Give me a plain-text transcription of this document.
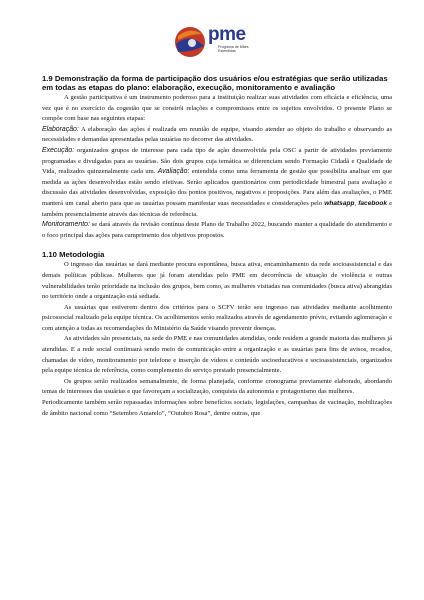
pme
Programa de Mães Estendidas
1.9 Demonstração da forma de participação dos usuários e/ou estratégias que serão utilizadas em todas as etapas do plano: elaboração, execução, monitoramento e avaliação

A gestão participativa é um instrumento poderoso para a instituição realizar suas atividades com eficácia e eficiência, uma vez que é no exercício da cogestão que se constrói relações e compromissos entre os sujeitos envolvidos. O presente Plano se compõe com base nas seguintes etapas:

Elaboração: A elaboração das ações é realizada em reunião de equipe, visando atender ao objeto do trabalho e observando as necessidades e demandas apresentadas pelas usuárias no decorrer das atividades.

Execução: organizados grupos de interesse para cada tipo de ação desenvolvida pela OSC a partir de atividades previamente programadas e divulgadas para as usuárias. São dois grupos cuja temática se diferenciam sendo Formação Cidadã e Qualidade de Vida, realizados quinzenalmente cada um. Avaliação: entendida como uma ferramenta de gestão que possibilita analisar em que medida as ações desenvolvidas estão sendo efetivas. Serão aplicados questionários com periodicidade bimestral para avaliação e discussão das atividades desenvolvidas, exposição dos pontos positivos, negativos e proposições. Para além das avaliações, o PME manterá um canal aberto para que as usuárias possam manifestar suas necessidades e considerações pelo whatsapp, facebook e também presencialmente através das técnicas de referência.

Monitoramento: se dará através da revisão contínua deste Plano de Trabalho 2022, buscando manter a qualidade do atendimento e o foco principal das ações para cumprimento dos objetivos propostos.

1.10 Metodologia

O ingresso das usuárias se dará mediante procura espontânea, busca ativa, encaminhamento da rede socioassistencial e das demais políticas públicas. Mulheres que já foram atendidas pelo PME em decorrência de situação de violência e outras vulnerabilidades terão prioridade na inclusão dos grupos, bem como, as mulheres visitadas nas comunidades (busca ativa) abrangidas no território onde a organização está sediada.

As usuárias que estiverem dentro dos critérios para o SCFV terão seu ingresso nas atividades mediante acolhimento psicossocial realizado pela equipe técnica. Os acolhimentos serão realizados através de agendamento prévio, evitando aglomeração e com atenção a todas as recomendações do Ministério da Saúde visando prevenir doenças.

As atividades são presenciais, na sede do PME e nas comunidades atendidas, onde residem a grande maioria das mulheres já atendidas. E a rede social continuará sendo meio de comunicação entre a organização e as usuárias para fins de avisos, recados, chamadas de vídeo, monitoramento por telefone e inserção de vídeos e conteúdo socioeducativos e socioassistenciais, organizados pela equipe técnica de referência, como complemento do serviço prestado presencialmente.

Os grupos serão realizados semanalmente, de forma planejada, conforme cronograma previamente elaborado, abordando temas de interesses das usuárias e que favoreçam a socialização, conquista da autonomia e protagonismo das mulheres.

Periodicamente também serão repassadas informações sobre benefícios sociais, legislações, campanhas de vacinação, mobilizações de âmbito nacional como “Setembro Amarelo”, “Outubro Rosa”, dentre outras, que
